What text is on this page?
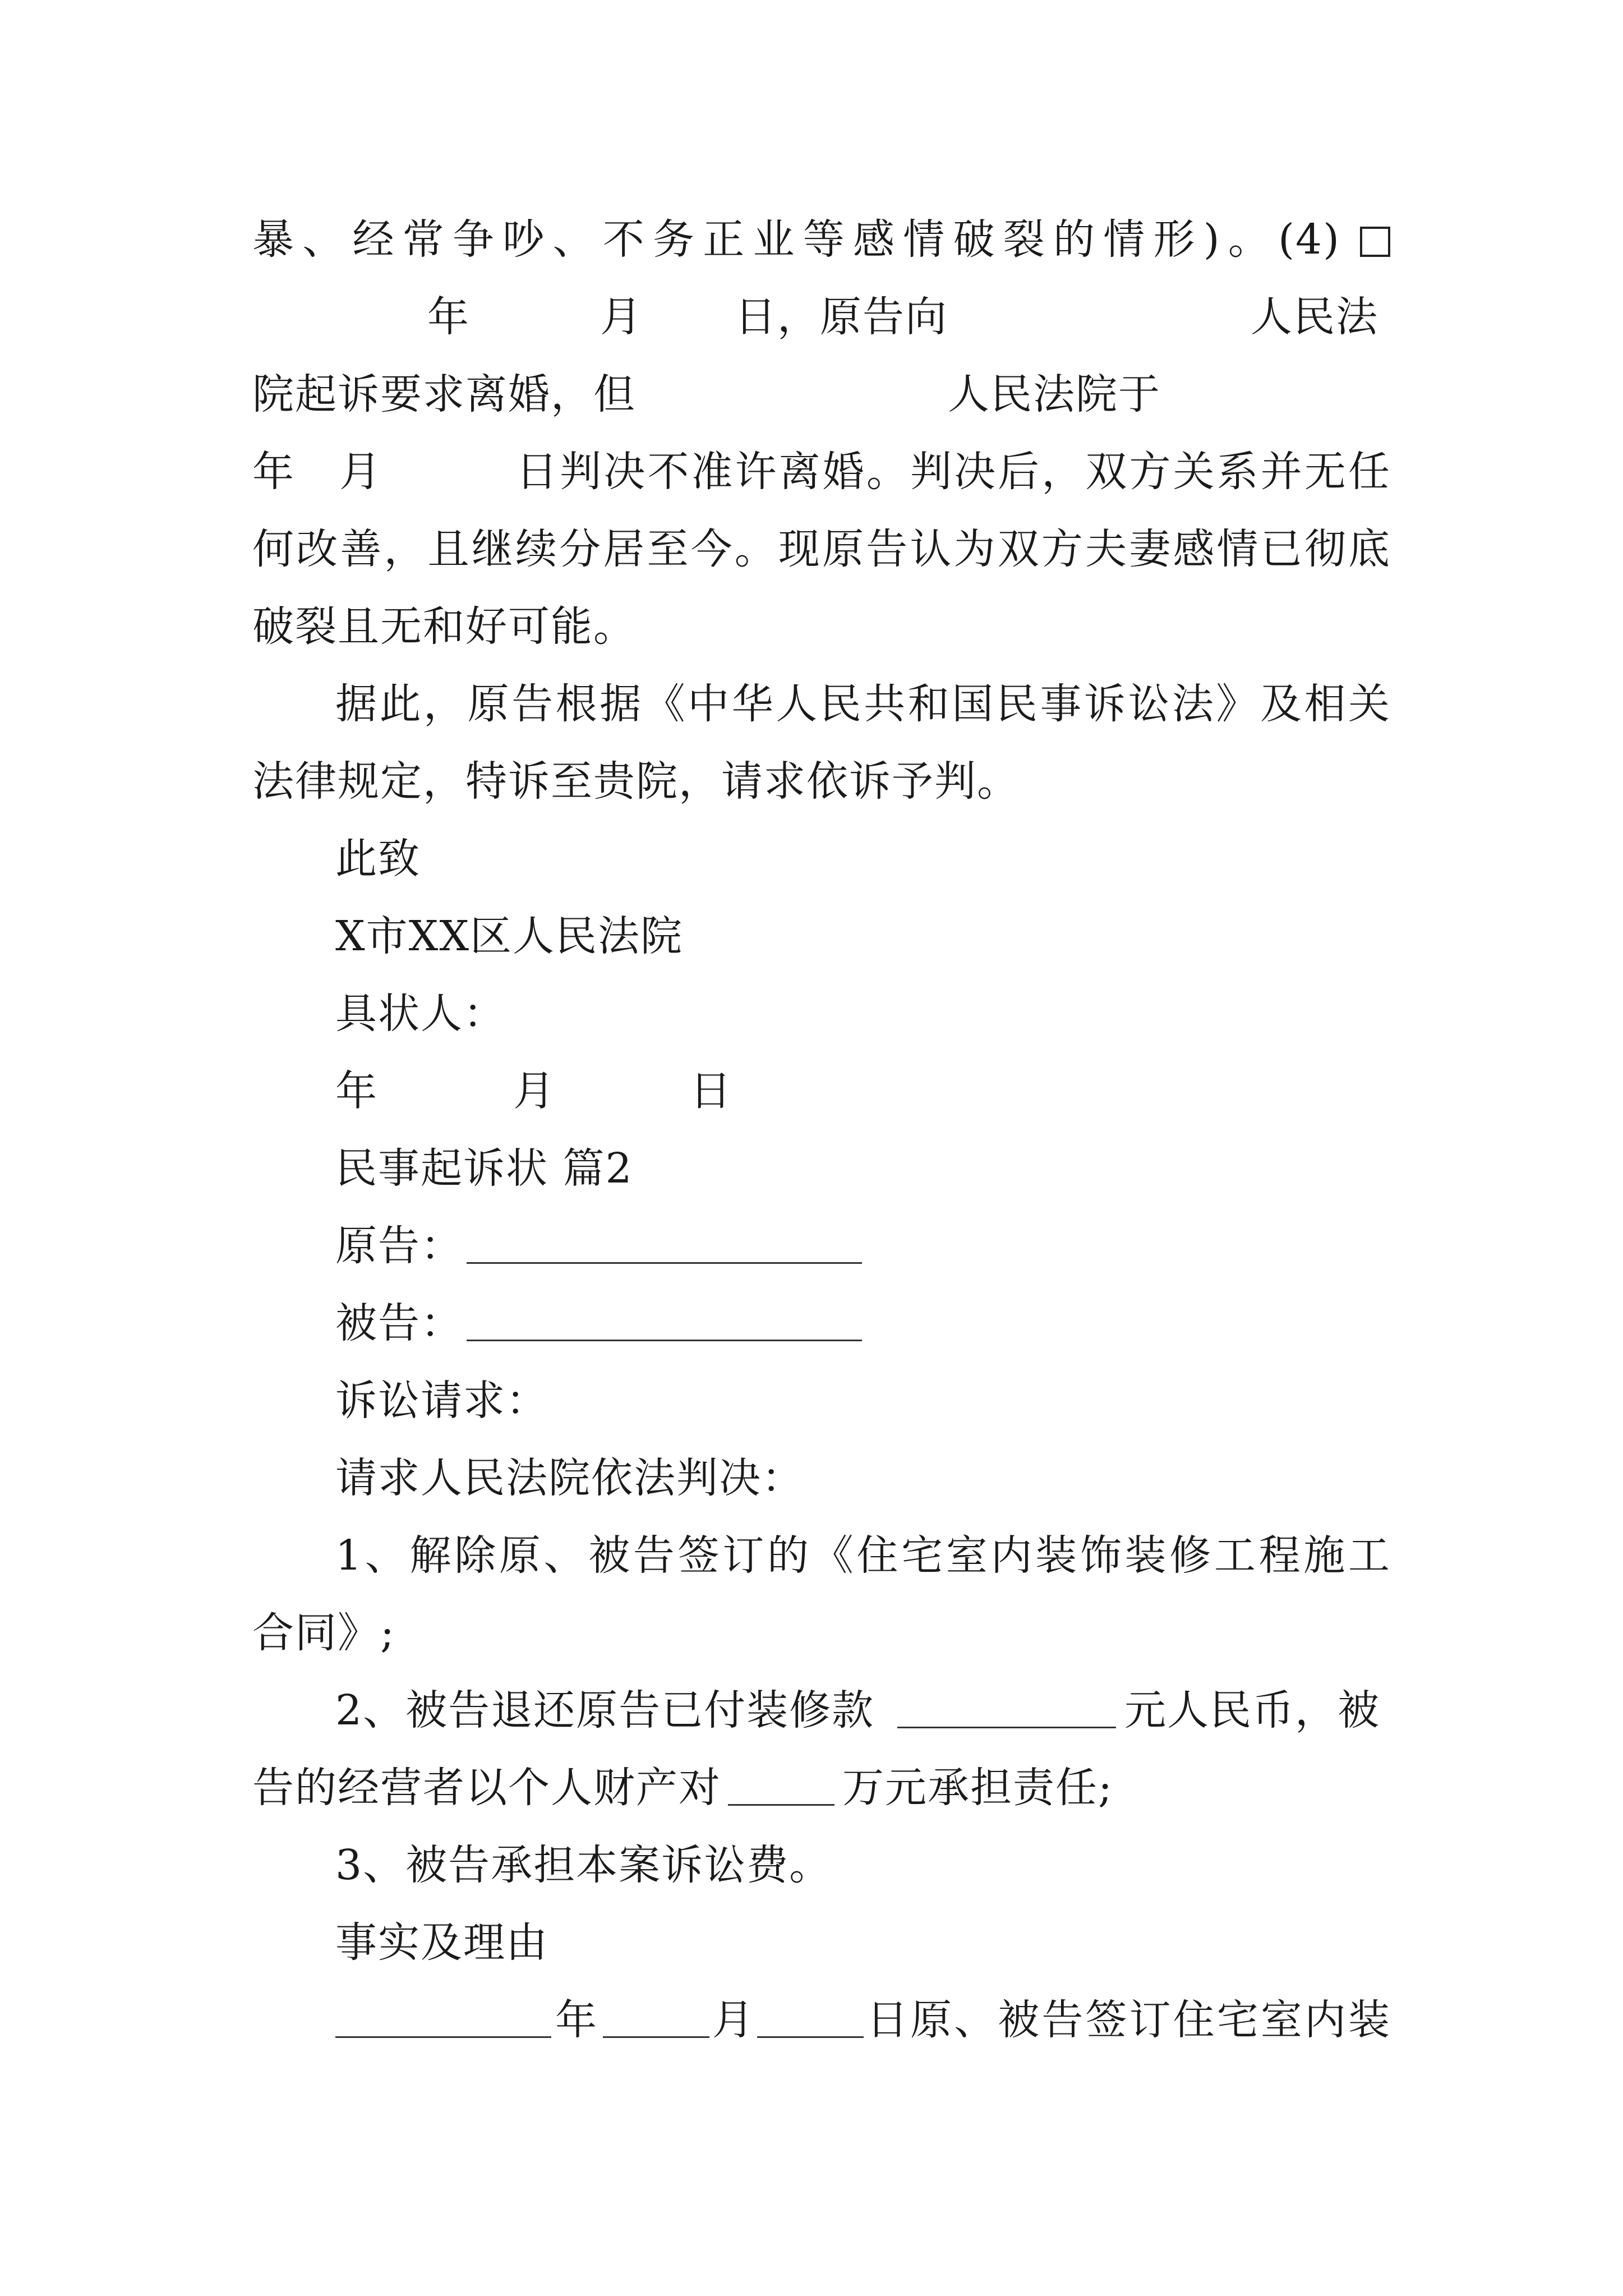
暴、经常争吵、不务正业等感情破裂的情形)。(4)
年	月 日，原告向	人民法
院起诉要求离婚，但	人民法院于
年 月	日判决不准许离婚。判决后，双方关系并无任
何改善，且继续分居至今。现原告认为双方夫妻感情已彻底
破裂且无和好可能。
据此，原告根据《中华人民共和国民事诉讼法》及相关
法律规定，特诉至贵院，请求依诉予判。
此致
X市XX区人民法院
具状人：
年	月	日
民事起诉状 篇2
原告：
被告：
诉讼请求：
请求人民法院依法判决：
1、解除原、被告签订的《住宅室内装饰装修工程施工
合同》;
2、被告退还原告已付装修款	元人民币，被
告的经营者以个人财产对	万元承担责任;
3、被告承担本案诉讼费。
事实及理由
年	月	日原、被告签订住宅室内装
